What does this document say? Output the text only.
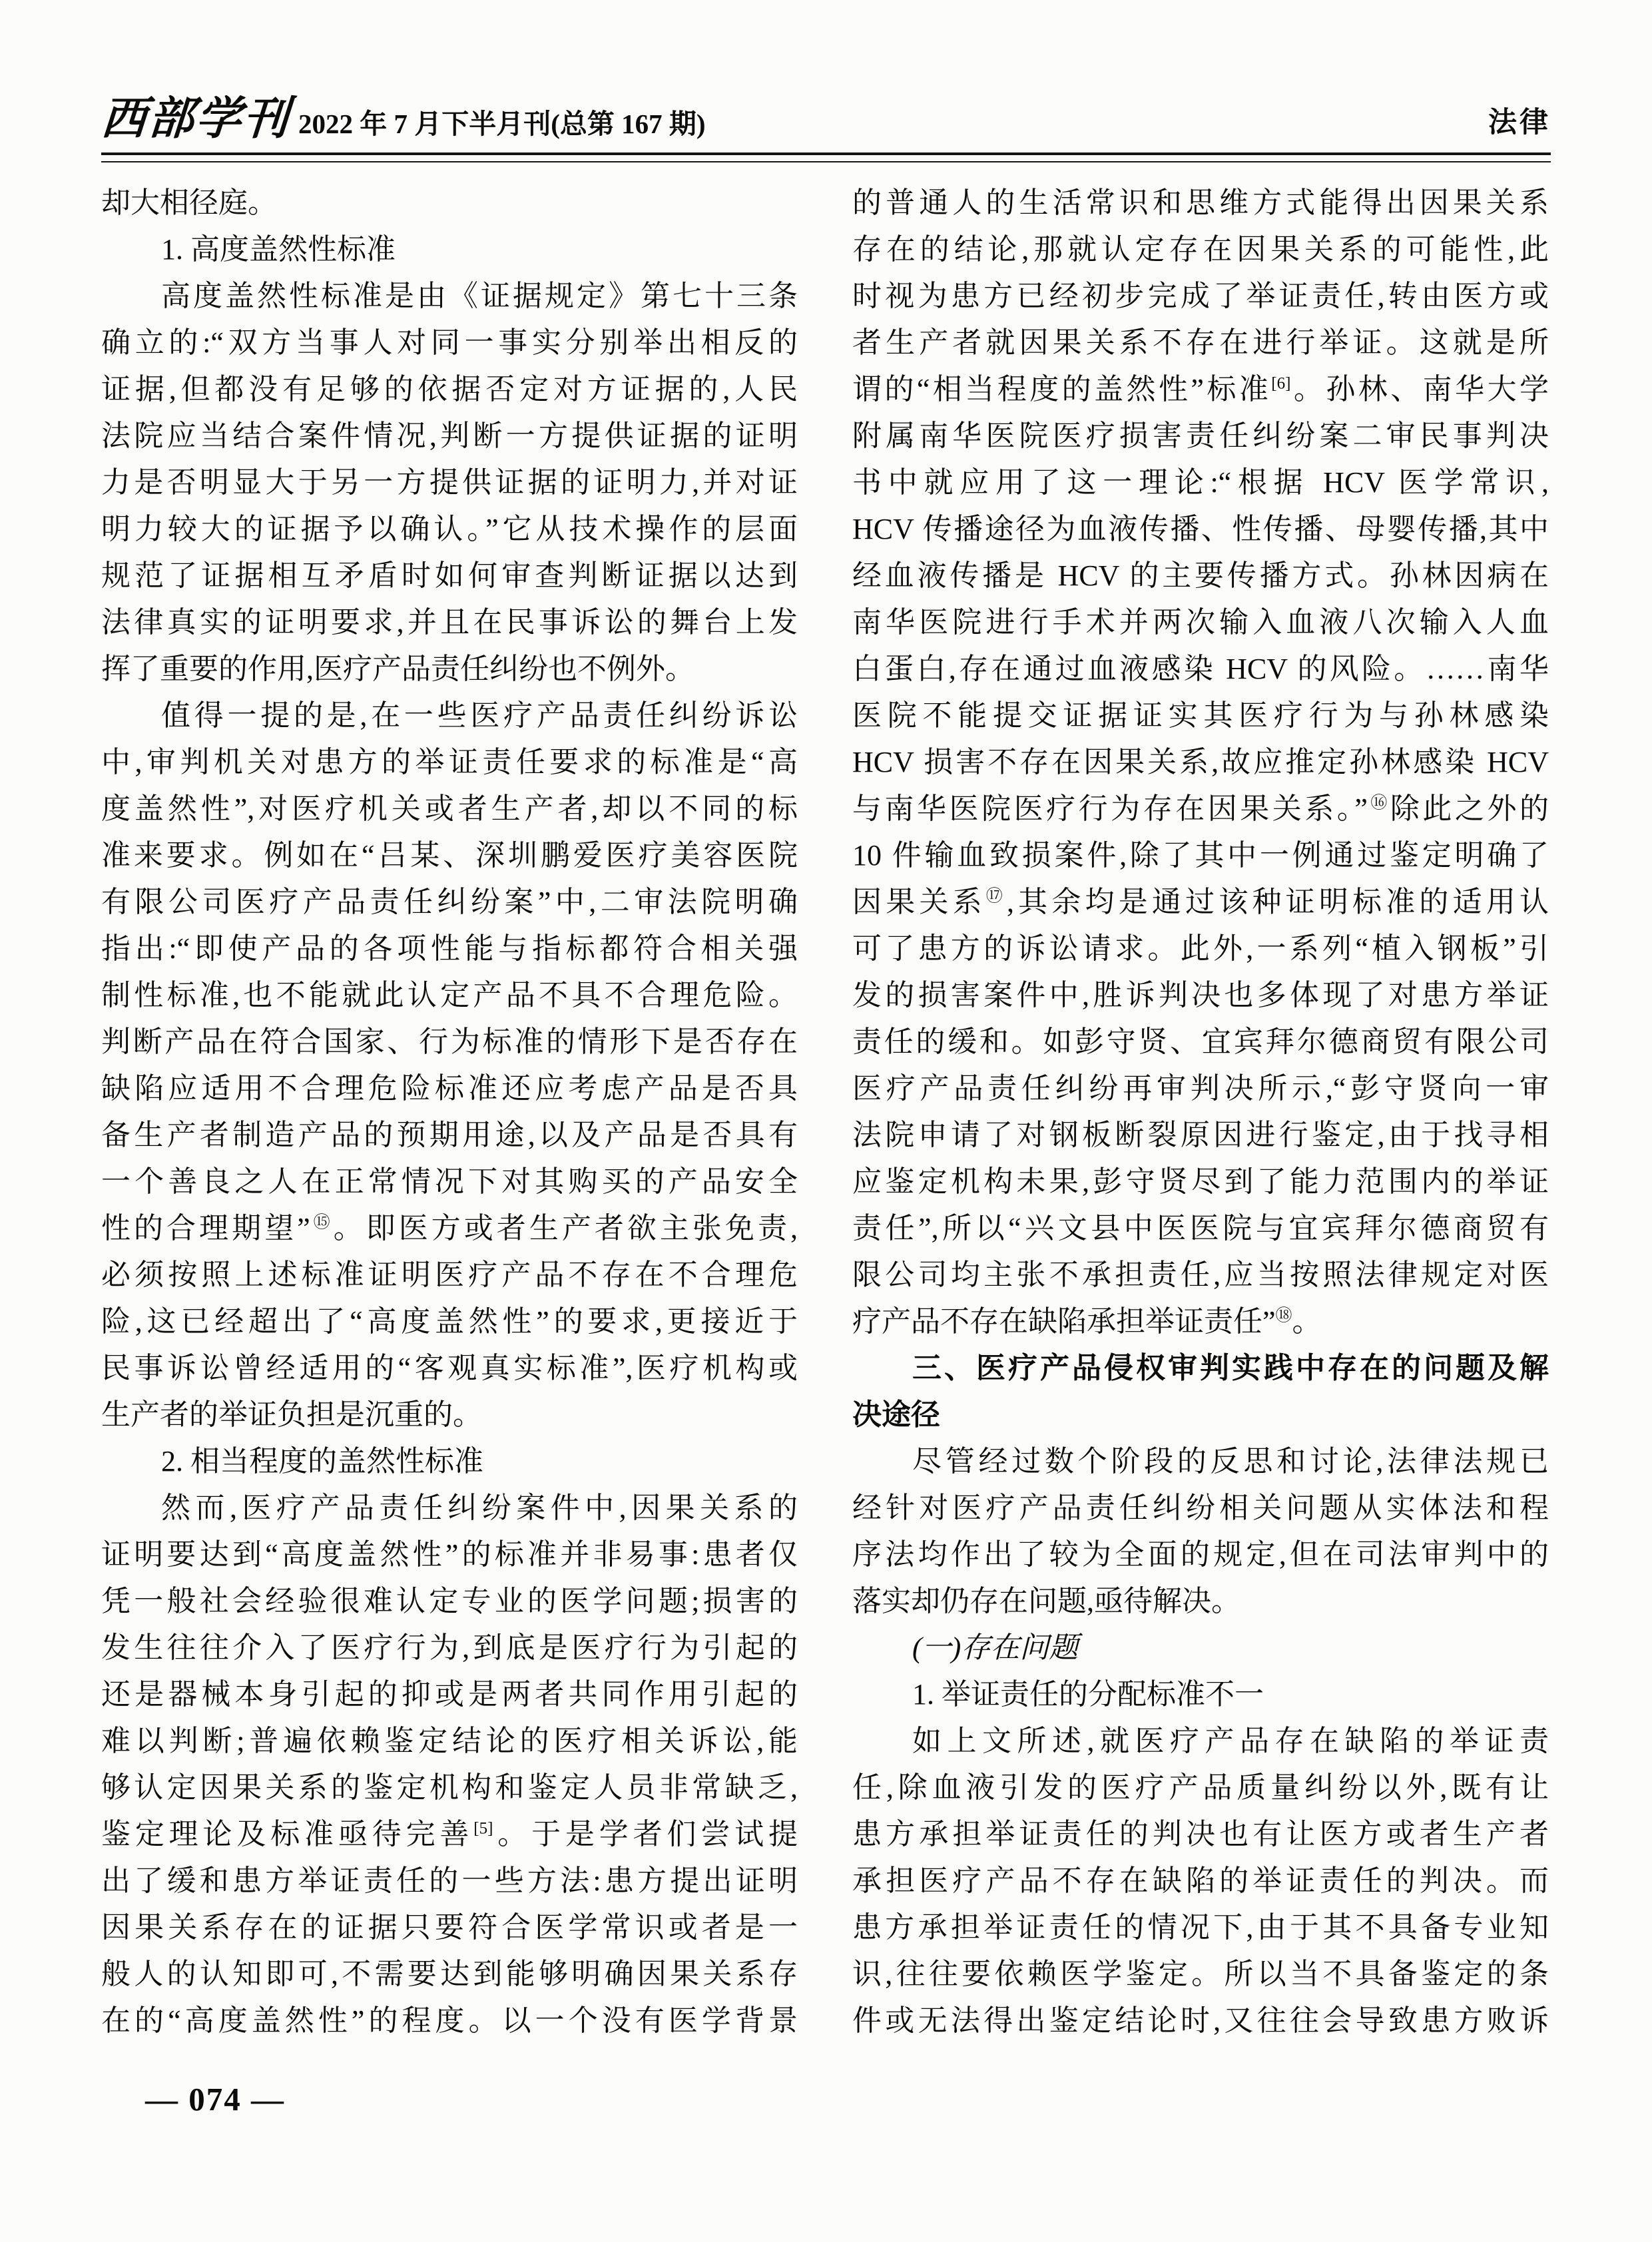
西部学刊 2022 年 7 月下半月刊(总第 167 期)	法律
却大相径庭。
1. 高度盖然性标准
高度盖然性标准是由《证据规定》第七十三条
确立的:“双方当事人对同一事实分别举出相反的
证据,但都没有足够的依据否定对方证据的,人民
法院应当结合案件情况,判断一方提供证据的证明
力是否明显大于另一方提供证据的证明力,并对证
明力较大的证据予以确认。”它从技术操作的层面
规范了证据相互矛盾时如何审查判断证据以达到
法律真实的证明要求,并且在民事诉讼的舞台上发
挥了重要的作用,医疗产品责任纠纷也不例外。
值得一提的是,在一些医疗产品责任纠纷诉讼
中,审判机关对患方的举证责任要求的标准是“高
度盖然性”,对医疗机关或者生产者,却以不同的标
准来要求。例如在“吕某、深圳鹏爱医疗美容医院
有限公司医疗产品责任纠纷案”中,二审法院明确
指出:“即使产品的各项性能与指标都符合相关强
制性标准,也不能就此认定产品不具不合理危险。
判断产品在符合国家、行为标准的情形下是否存在
缺陷应适用不合理危险标准还应考虑产品是否具
备生产者制造产品的预期用途,以及产品是否具有
一个善良之人在正常情况下对其购买的产品安全
性的合理期望”⑮。即医方或者生产者欲主张免责,
必须按照上述标准证明医疗产品不存在不合理危
险,这已经超出了“高度盖然性”的要求,更接近于
民事诉讼曾经适用的“客观真实标准”,医疗机构或
生产者的举证负担是沉重的。
2. 相当程度的盖然性标准
然而,医疗产品责任纠纷案件中,因果关系的
证明要达到“高度盖然性”的标准并非易事:患者仅
凭一般社会经验很难认定专业的医学问题;损害的
发生往往介入了医疗行为,到底是医疗行为引起的
还是器械本身引起的抑或是两者共同作用引起的
难以判断;普遍依赖鉴定结论的医疗相关诉讼,能
够认定因果关系的鉴定机构和鉴定人员非常缺乏,
鉴定理论及标准亟待完善[5]。于是学者们尝试提
出了缓和患方举证责任的一些方法:患方提出证明
因果关系存在的证据只要符合医学常识或者是一
般人的认知即可,不需要达到能够明确因果关系存
在的“高度盖然性”的程度。以一个没有医学背景
的普通人的生活常识和思维方式能得出因果关系
存在的结论,那就认定存在因果关系的可能性,此
时视为患方已经初步完成了举证责任,转由医方或
者生产者就因果关系不存在进行举证。这就是所
谓的“相当程度的盖然性”标准[6]。孙林、南华大学
附属南华医院医疗损害责任纠纷案二审民事判决
书中就应用了这一理论:“根据 HCV 医学常识,
HCV 传播途径为血液传播、性传播、母婴传播,其中
经血液传播是 HCV 的主要传播方式。孙林因病在
南华医院进行手术并两次输入血液八次输入人血
白蛋白,存在通过血液感染 HCV 的风险。……南华
医院不能提交证据证实其医疗行为与孙林感染
HCV 损害不存在因果关系,故应推定孙林感染 HCV
与南华医院医疗行为存在因果关系。”⑯除此之外的
10 件输血致损案件,除了其中一例通过鉴定明确了
因果关系⑰,其余均是通过该种证明标准的适用认
可了患方的诉讼请求。此外,一系列“植入钢板”引
发的损害案件中,胜诉判决也多体现了对患方举证
责任的缓和。如彭守贤、宜宾拜尔德商贸有限公司
医疗产品责任纠纷再审判决所示,“彭守贤向一审
法院申请了对钢板断裂原因进行鉴定,由于找寻相
应鉴定机构未果,彭守贤尽到了能力范围内的举证
责任”,所以“兴文县中医医院与宜宾拜尔德商贸有
限公司均主张不承担责任,应当按照法律规定对医
疗产品不存在缺陷承担举证责任”⑱。
三、医疗产品侵权审判实践中存在的问题及解
决途径
尽管经过数个阶段的反思和讨论,法律法规已
经针对医疗产品责任纠纷相关问题从实体法和程
序法均作出了较为全面的规定,但在司法审判中的
落实却仍存在问题,亟待解决。
(一)存在问题
1. 举证责任的分配标准不一
如上文所述,就医疗产品存在缺陷的举证责
任,除血液引发的医疗产品质量纠纷以外,既有让
患方承担举证责任的判决也有让医方或者生产者
承担医疗产品不存在缺陷的举证责任的判决。而
患方承担举证责任的情况下,由于其不具备专业知
识,往往要依赖医学鉴定。所以当不具备鉴定的条
件或无法得出鉴定结论时,又往往会导致患方败诉
— 074 —
